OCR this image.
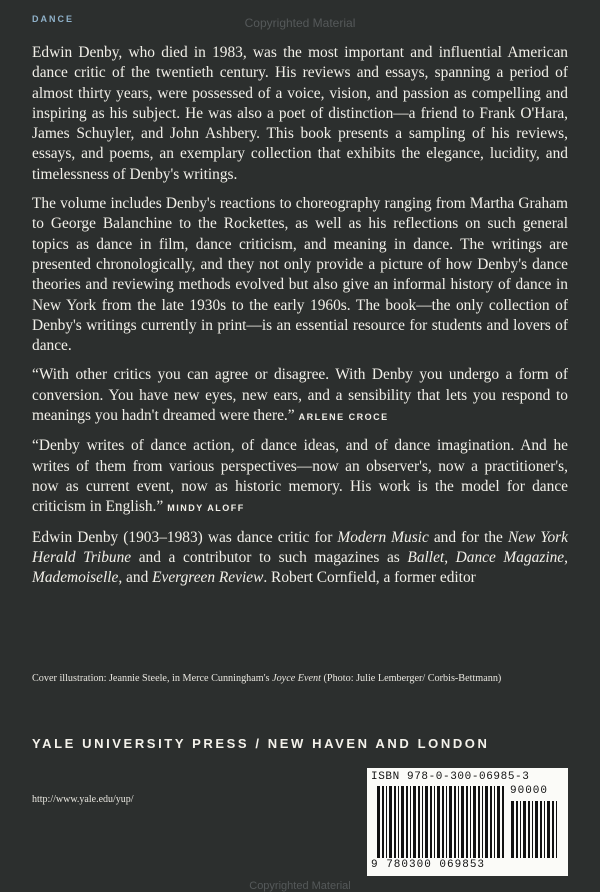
DANCE	Copyrighted Material

Edwin Denby, who died in 1983, was the most important and influential American dance critic of the twentieth century. His reviews and essays, spanning a period of almost thirty years, were possessed of a voice, vision, and passion as compelling and inspiring as his subject. He was also a poet of distinction—a friend to Frank O'Hara, James Schuyler, and John Ashbery. This book presents a sampling of his reviews, essays, and poems, an exemplary collection that exhibits the elegance, lucidity, and timelessness of Denby's writings.

The volume includes Denby's reactions to choreography ranging from Martha Graham to George Balanchine to the Rockettes, as well as his reflections on such general topics as dance in film, dance criticism, and meaning in dance. The writings are presented chronologically, and they not only provide a picture of how Denby's dance theories and reviewing methods evolved but also give an informal history of dance in New York from the late 1930s to the early 1960s. The book—the only collection of Denby's writings currently in print—is an essential resource for students and lovers of dance.

“With other critics you can agree or disagree. With Denby you undergo a form of conversion. You have new eyes, new ears, and a sensibility that lets you respond to meanings you hadn't dreamed were there.” ARLENE CROCE

“Denby writes of dance action, of dance ideas, and of dance imagination. And he writes of them from various perspectives—now an observer's, now a practitioner's, now as current event, now as historic memory. His work is the model for dance criticism in English.” MINDY ALOFF

Edwin Denby (1903–1983) was dance critic for Modern Music and for the New York Herald Tribune and a contributor to such magazines as Ballet, Dance Magazine, Mademoiselle, and Evergreen Review. Robert Cornfield, a former editor

Cover illustration: Jeannie Steele, in Merce Cunningham's Joyce Event (Photo: Julie Lemberger/ Corbis-Bettmann)
YALE UNIVERSITY PRESS / NEW HAVEN AND LONDON
http://www.yale.edu/yup/
ISBN 978-0-300-06985-3
90000
9 780300 069853
Copyrighted Material
